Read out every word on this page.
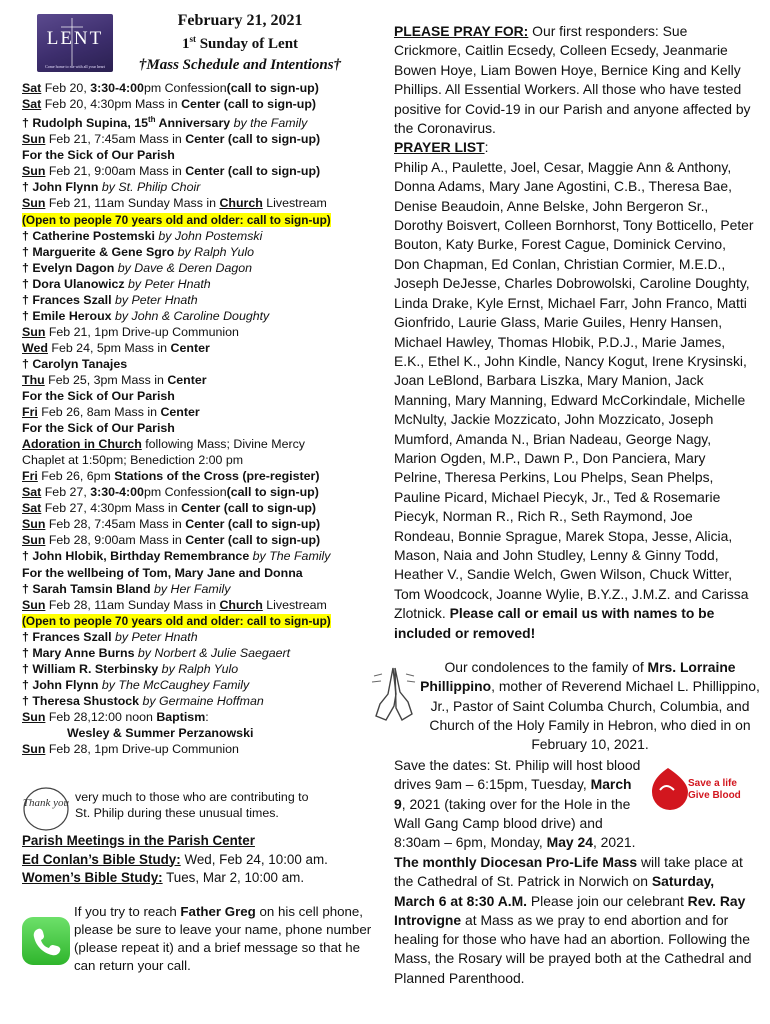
LENT
Come home to me with all your heart
February 21, 2021
1st Sunday of Lent
†Mass Schedule and Intentions†
Sat Feb 20, 3:30-4:00pm Confession(call to sign-up)
Sat Feb 20, 4:30pm Mass in Center (call to sign-up)
† Rudolph Supina, 15th Anniversary by the Family
Sun Feb 21, 7:45am Mass in Center (call to sign-up)
For the Sick of Our Parish
Sun Feb 21, 9:00am Mass in Center (call to sign-up)
† John Flynn by St. Philip Choir
Sun Feb 21, 11am Sunday Mass in Church Livestream
(Open to people 70 years old and older: call to sign-up)
† Catherine Postemski by John Postemski
† Marguerite & Gene Sgro by Ralph Yulo
† Evelyn Dagon by Dave & Deren Dagon
† Dora Ulanowicz by Peter Hnath
† Frances Szall by Peter Hnath
† Emile Heroux by John & Caroline Doughty
Sun Feb 21, 1pm Drive-up Communion
Wed Feb 24, 5pm Mass in Center
† Carolyn Tanajes
Thu Feb 25, 3pm Mass in Center
For the Sick of Our Parish
Fri Feb 26, 8am Mass in Center
For the Sick of Our Parish
Adoration in Church following Mass; Divine Mercy
Chaplet at 1:50pm; Benediction 2:00 pm
Fri Feb 26, 6pm Stations of the Cross (pre-register)
Sat Feb 27, 3:30-4:00pm Confession(call to sign-up)
Sat Feb 27, 4:30pm Mass in Center (call to sign-up)
Sun Feb 28, 7:45am Mass in Center (call to sign-up)
Sun Feb 28, 9:00am Mass in Center (call to sign-up)
† John Hlobik, Birthday Remembrance by The Family
For the wellbeing of Tom, Mary Jane and Donna
† Sarah Tamsin Bland by Her Family
Sun Feb 28, 11am Sunday Mass in Church Livestream
(Open to people 70 years old and older: call to sign-up)
† Frances Szall by Peter Hnath
† Mary Anne Burns by Norbert & Julie Saegaert
† William R. Sterbinsky by Ralph Yulo
† John Flynn by The McCaughey Family
† Theresa Shustock by Germaine Hoffman
Sun Feb 28,12:00 noon Baptism:
Wesley & Summer Perzanowski
Sun Feb 28, 1pm Drive-up Communion
Thank you very much to those who are contributing to
St. Philip during these unusual times.
Parish Meetings in the Parish Center
Ed Conlan’s Bible Study: Wed, Feb 24, 10:00 am.
Women’s Bible Study: Tues, Mar 2, 10:00 am.
If you try to reach Father Greg on his cell phone, please be sure to leave your name, phone number (please repeat it) and a brief message so that he can return your call.
PLEASE PRAY FOR: Our first responders: Sue Crickmore, Caitlin Ecsedy, Colleen Ecsedy, Jeanmarie Bowen Hoye, Liam Bowen Hoye, Bernice King and Kelly Phillips. All Essential Workers. All those who have tested positive for Covid-19 in our Parish and anyone affected by the Coronavirus.
PRAYER LIST:
Philip A., Paulette, Joel, Cesar, Maggie Ann & Anthony, Donna Adams, Mary Jane Agostini, C.B., Theresa Bae, Denise Beaudoin, Anne Belske, John Bergeron Sr., Dorothy Boisvert, Colleen Bornhorst, Tony Botticello, Peter Bouton, Katy Burke, Forest Cague, Dominick Cervino, Don Chapman, Ed Conlan, Christian Cormier, M.E.D., Joseph DeJesse, Charles Dobrowolski, Caroline Doughty, Linda Drake, Kyle Ernst, Michael Farr, John Franco, Matti Gionfrido, Laurie Glass, Marie Guiles, Henry Hansen, Michael Hawley, Thomas Hlobik, P.D.J., Marie James, E.K., Ethel K., John Kindle, Nancy Kogut, Irene Krysinski, Joan LeBlond, Barbara Liszka, Mary Manion, Jack Manning, Mary Manning, Edward McCorkindale, Michelle McNulty, Jackie Mozzicato, John Mozzicato, Joseph Mumford, Amanda N., Brian Nadeau, George Nagy, Marion Ogden, M.P., Dawn P., Don Panciera, Mary Pelrine, Theresa Perkins, Lou Phelps, Sean Phelps, Pauline Picard, Michael Piecyk, Jr., Ted & Rosemarie Piecyk, Norman R., Rich R., Seth Raymond, Joe Rondeau, Bonnie Sprague, Marek Stopa, Jesse, Alicia, Mason, Naia and John Studley, Lenny & Ginny Todd, Heather V., Sandie Welch, Gwen Wilson, Chuck Witter, Tom Woodcock, Joanne Wylie, B.Y.Z., J.M.Z. and Carissa Zlotnick. Please call or email us with names to be included or removed!
Our condolences to the family of Mrs. Lorraine Phillippino, mother of Reverend Michael L. Phillippino, Jr., Pastor of Saint Columba Church, Columbia, and Church of the Holy Family in Hebron, who died in on February 10, 2021.
Save the dates: St. Philip will host blood drives 9am – 6:15pm, Tuesday, March 9, 2021 (taking over for the Hole in the Wall Gang Camp blood drive) and 8:30am – 6pm, Monday, May 24, 2021.
Save a life
Give Blood
The monthly Diocesan Pro-Life Mass will take place at the Cathedral of St. Patrick in Norwich on Saturday, March 6 at 8:30 A.M. Please join our celebrant Rev. Ray Introvigne at Mass as we pray to end abortion and for healing for those who have had an abortion. Following the Mass, the Rosary will be prayed both at the Cathedral and Planned Parenthood.
